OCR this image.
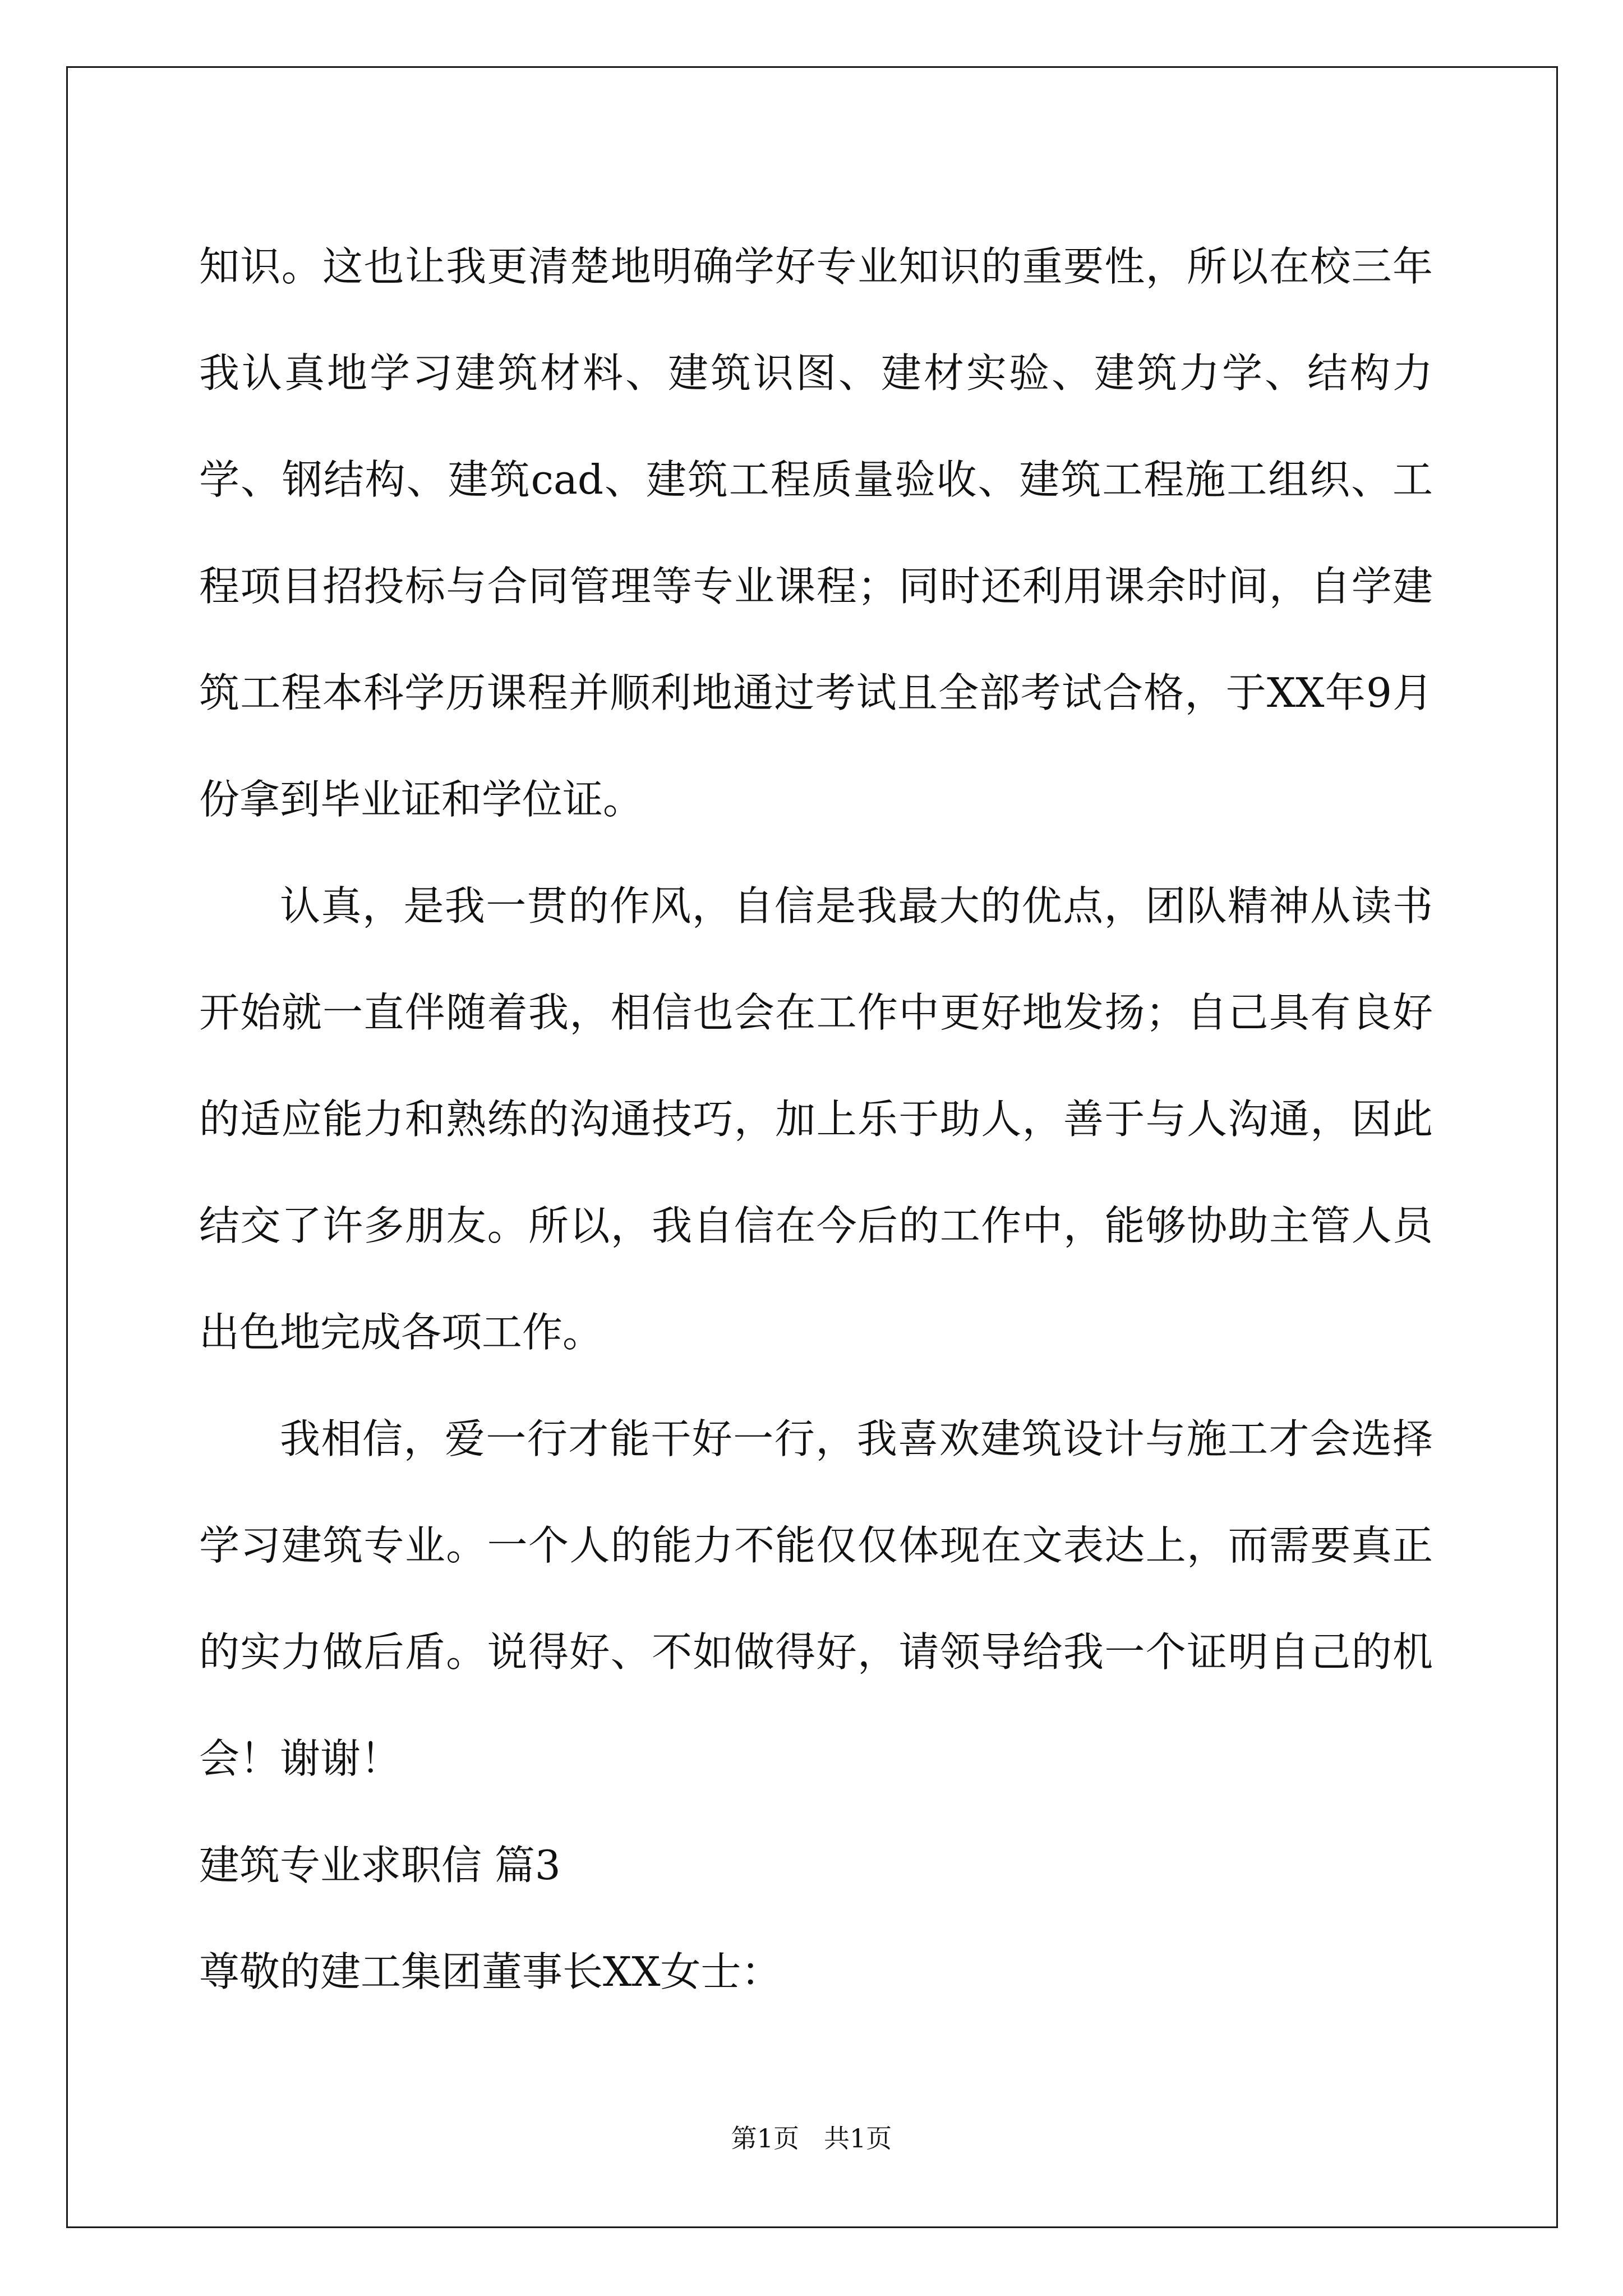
知识。这也让我更清楚地明确学好专业知识的重要性，所以在校三年我认真地学习建筑材料、建筑识图、建材实验、建筑力学、结构力学、钢结构、建筑cad、建筑工程质量验收、建筑工程施工组织、工程项目招投标与合同管理等专业课程；同时还利用课余时间，自学建筑工程本科学历课程并顺利地通过考试且全部考试合格，于XX年9月份拿到毕业证和学位证。

认真，是我一贯的作风，自信是我最大的优点，团队精神从读书开始就一直伴随着我，相信也会在工作中更好地发扬；自己具有良好的适应能力和熟练的沟通技巧，加上乐于助人，善于与人沟通，因此结交了许多朋友。所以，我自信在今后的工作中，能够协助主管人员出色地完成各项工作。

我相信，爱一行才能干好一行，我喜欢建筑设计与施工才会选择学习建筑专业。一个人的能力不能仅仅体现在文表达上，而需要真正的实力做后盾。说得好、不如做得好，请领导给我一个证明自己的机会！谢谢！

建筑专业求职信 篇3

尊敬的建工集团董事长XX女士：

第1页 共1页
